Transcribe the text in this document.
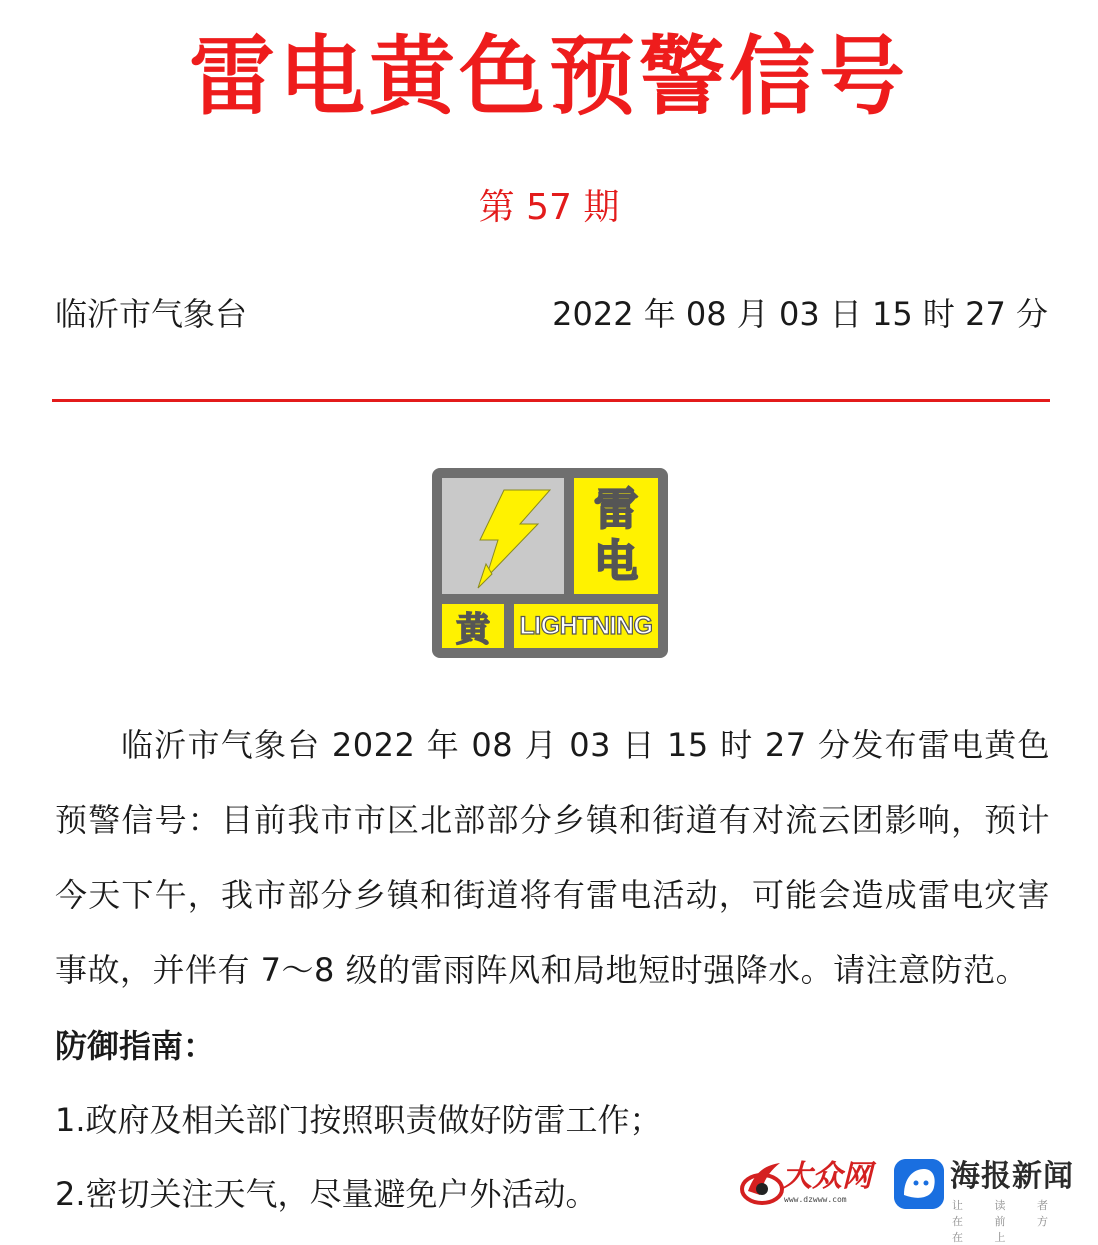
雷电黄色预警信号
第 57 期
临沂市气象台	2022 年 08 月 03 日 15 时 27 分
雷
电
黄 LIGHTNING
临沂市气象台 2022 年 08 月 03 日 15 时 27 分发布雷电黄色预警信号：目前我市市区北部部分乡镇和街道有对流云团影响，预计今天下午，我市部分乡镇和街道将有雷电活动，可能会造成雷电灾害事故，并伴有 7～8 级的雷雨阵风和局地短时强降水。请注意防范。
防御指南：
1.政府及相关部门按照职责做好防雷工作；
2.密切关注天气，尽量避免户外活动。	大众网
www.dzwww.com
海报新闻
让 读 者 在 前 方 在 上
